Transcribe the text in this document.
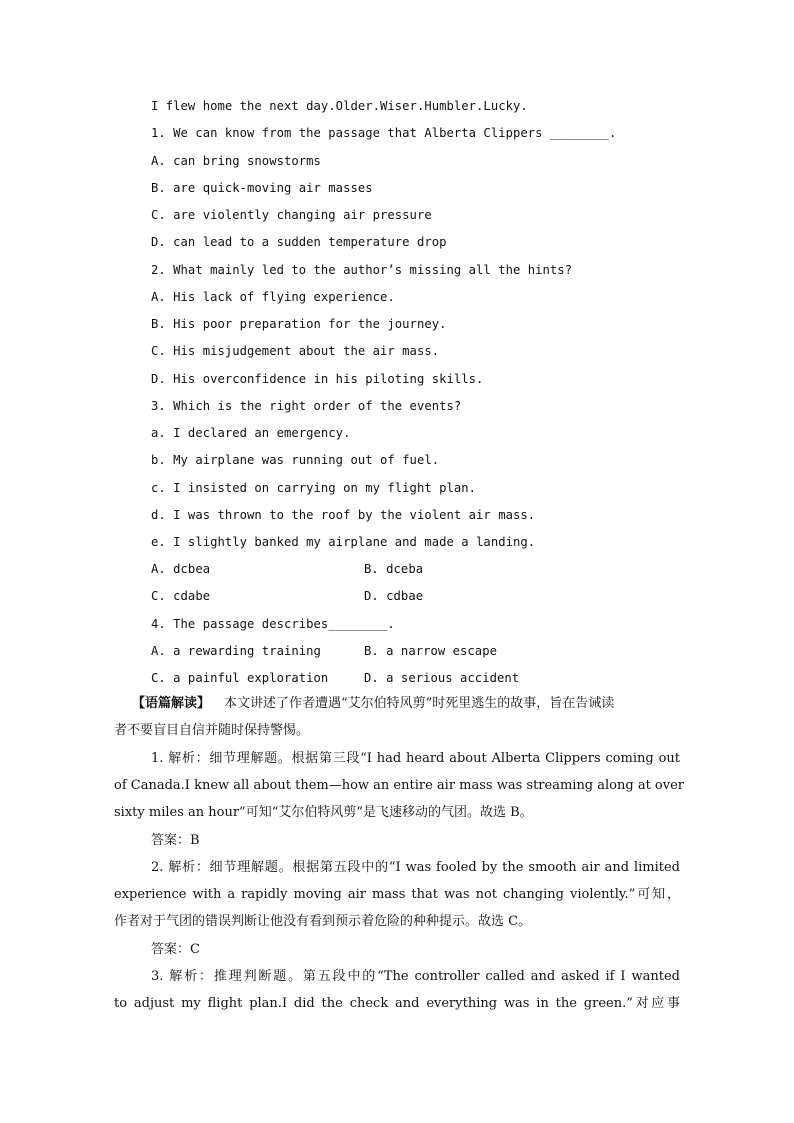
I flew home the next day.Older.Wiser.Humbler.Lucky.
1. We can know from the passage that Alberta Clippers ________.
A. can bring snowstorms
B. are quick-moving air masses
C. are violently changing air pressure
D. can lead to a sudden temperature drop
2. What mainly led to the author’s missing all the hints?
A. His lack of flying experience.
B. His poor preparation for the journey.
C. His misjudgement about the air mass.
D. His overconfidence in his piloting skills.
3. Which is the right order of the events?
a. I declared an emergency.
b. My airplane was running out of fuel.
c. I insisted on carrying on my flight plan.
d. I was thrown to the roof by the violent air mass.
e. I slightly banked my airplane and made a landing.
A. dcbea	B. dceba
C. cdabe	D. cdbae
4. The passage describes________.
A. a rewarding training	B. a narrow escape
C. a painful exploration	D. a serious accident
【语篇解读】 本文讲述了作者遭遇“艾尔伯特风剪”时死里逃生的故事，旨在告诫读
者不要盲目自信并随时保持警惕。
1. 解析：细节理解题。根据第三段“I had heard about Alberta Clippers coming out
of Canada.I knew all about them—how an entire air mass was streaming along at over
sixty miles an hour”可知“艾尔伯特风剪”是飞速移动的气团。故选 B。
答案：B
2. 解析：细节理解题。根据第五段中的“I was fooled by the smooth air and limited
experience with a rapidly moving air mass that was not changing violently.”可知，
作者对于气团的错误判断让他没有看到预示着危险的种种提示。故选 C。
答案：C
3. 解析：推理判断题。第五段中的“The controller called and asked if I wanted
to adjust my flight plan.I did the check and everything was in the green.”对应事
